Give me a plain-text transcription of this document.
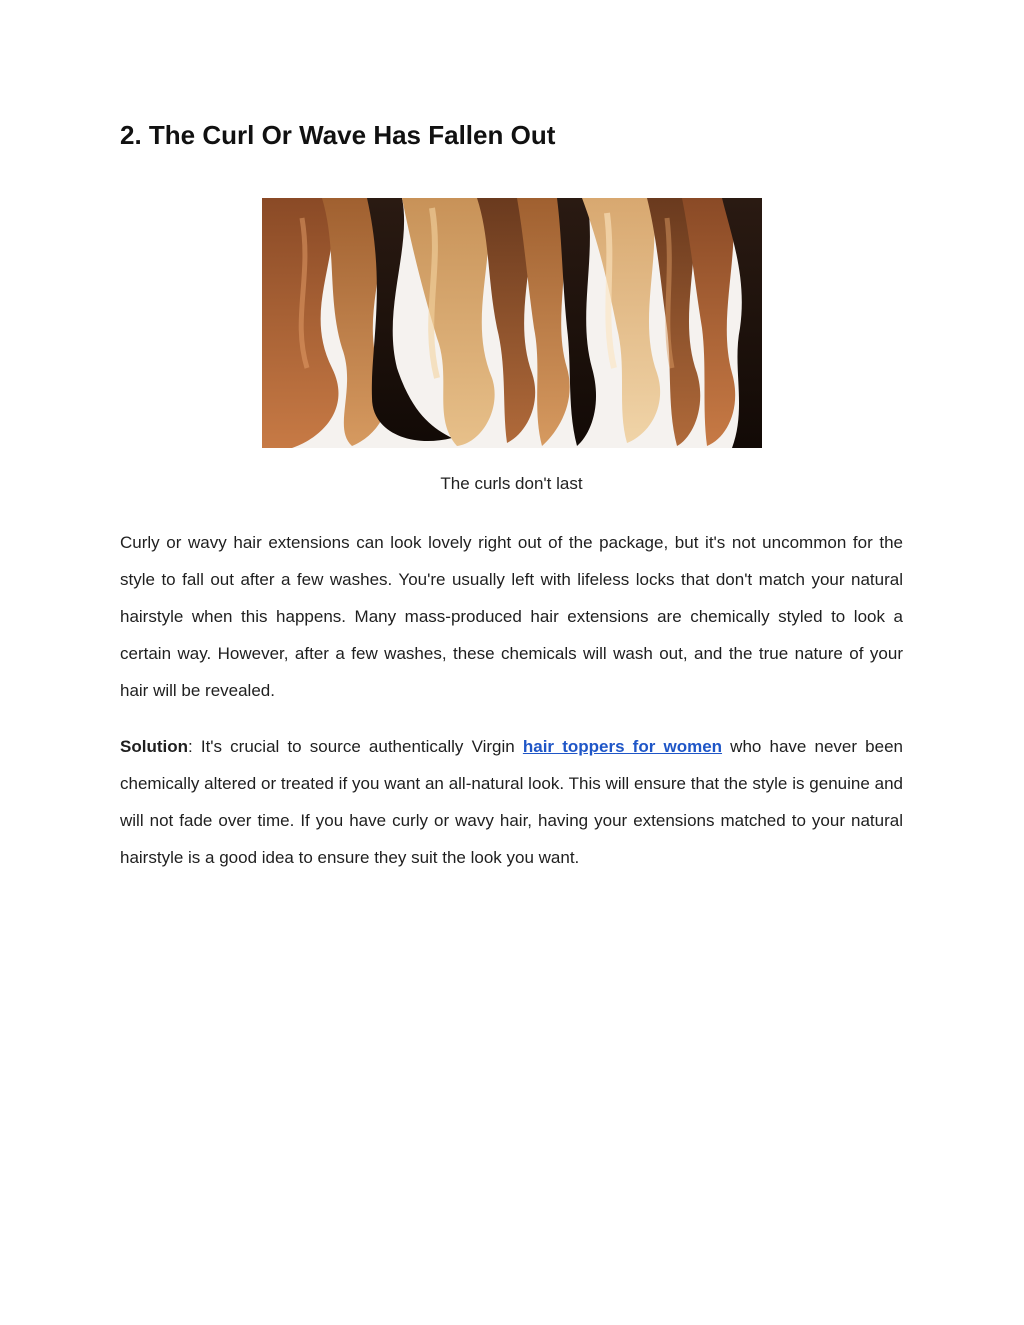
2. The Curl Or Wave Has Fallen Out
The curls don't last

Curly or wavy hair extensions can look lovely right out of the package, but it's not uncommon for the style to fall out after a few washes. You're usually left with lifeless locks that don't match your natural hairstyle when this happens. Many mass-produced hair extensions are chemically styled to look a certain way. However, after a few washes, these chemicals will wash out, and the true nature of your hair will be revealed.

Solution: It's crucial to source authentically Virgin hair toppers for women who have never been chemically altered or treated if you want an all-natural look. This will ensure that the style is genuine and will not fade over time. If you have curly or wavy hair, having your extensions matched to your natural hairstyle is a good idea to ensure they suit the look you want.
